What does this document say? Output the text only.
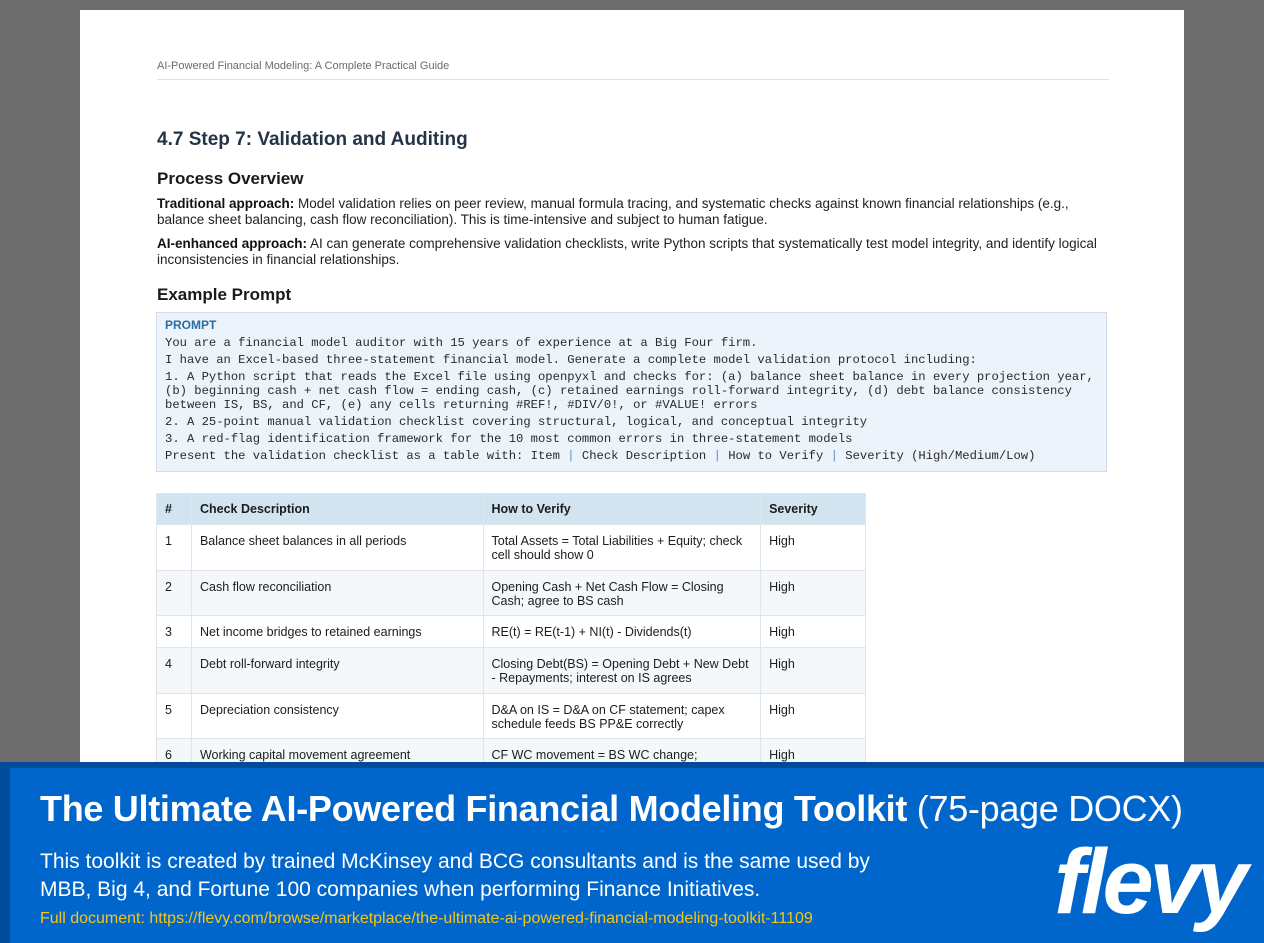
AI-Powered Financial Modeling: A Complete Practical Guide
4.7 Step 7: Validation and Auditing
Process Overview
Traditional approach: Model validation relies on peer review, manual formula tracing, and systematic checks against known financial relationships (e.g., balance sheet balancing, cash flow reconciliation). This is time-intensive and subject to human fatigue.
AI-enhanced approach: AI can generate comprehensive validation checklists, write Python scripts that systematically test model integrity, and identify logical inconsistencies in financial relationships.
Example Prompt
PROMPT
You are a financial model auditor with 15 years of experience at a Big Four firm.
I have an Excel-based three-statement financial model. Generate a complete model validation protocol including:
1. A Python script that reads the Excel file using openpyxl and checks for: (a) balance sheet balance in every projection year, (b) beginning cash + net cash flow = ending cash, (c) retained earnings roll-forward integrity, (d) debt balance consistency between IS, BS, and CF, (e) any cells returning #REF!, #DIV/0!, or #VALUE! errors
2. A 25-point manual validation checklist covering structural, logical, and conceptual integrity
3. A red-flag identification framework for the 10 most common errors in three-statement models
Present the validation checklist as a table with: Item | Check Description | How to Verify | Severity (High/Medium/Low)
#	Check Description	How to Verify	Severity
1	Balance sheet balances in all periods	Total Assets = Total Liabilities + Equity; check cell should show 0	High
2	Cash flow reconciliation	Opening Cash + Net Cash Flow = Closing Cash; agree to BS cash	High
3	Net income bridges to retained earnings	RE(t) = RE(t-1) + NI(t) - Dividends(t)	High
4	Debt roll-forward integrity	Closing Debt(BS) = Opening Debt + New Debt - Repayments; interest on IS agrees	High
5	Depreciation consistency	D&A on IS = D&A on CF statement; capex schedule feeds BS PP&E correctly	High
6	Working capital movement agreement	CF WC movement = BS WC change;	High
The Ultimate AI-Powered Financial Modeling Toolkit (75-page DOCX)
This toolkit is created by trained McKinsey and BCG consultants and is the same used by MBB, Big 4, and Fortune 100 companies when performing Finance Initiatives.
Full document: https://flevy.com/browse/marketplace/the-ultimate-ai-powered-financial-modeling-toolkit-11109	flevy
